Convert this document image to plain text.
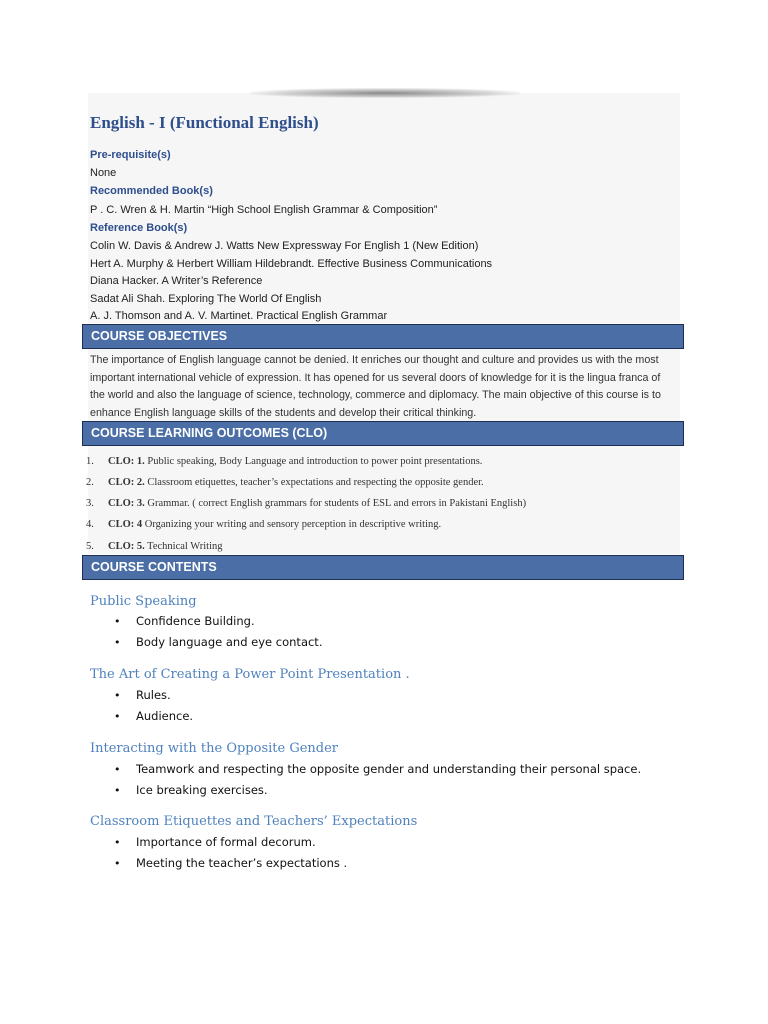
English - I (Functional English)

Pre-requisite(s)

None

Recommended Book(s)

P . C. Wren & H. Martin “High School English Grammar & Composition”

Reference Book(s)

Colin W. Davis & Andrew J. Watts New Expressway For English 1 (New Edition)

Hert A. Murphy & Herbert William Hildebrandt. Effective Business Communications

Diana Hacker. A Writer’s Reference

Sadat Ali Shah. Exploring The World Of English

A. J. Thomson and A. V. Martinet. Practical English Grammar

COURSE OBJECTIVES

The importance of English language cannot be denied. It enriches our thought and culture and provides us with the most important international vehicle of expression. It has opened for us several doors of knowledge for it is the lingua franca of the world and also the language of science, technology, commerce and diplomacy. The main objective of this course is to enhance English language skills of the students and develop their critical thinking.

COURSE LEARNING OUTCOMES (CLO)

1. CLO: 1. Public speaking, Body Language and introduction to power point presentations.

2. CLO: 2. Classroom etiquettes, teacher’s expectations and respecting the opposite gender.

3. CLO: 3. Grammar. ( correct English grammars for students of ESL and errors in Pakistani English)

4. CLO: 4 Organizing your writing and sensory perception in descriptive writing.

5. CLO: 5. Technical Writing

COURSE CONTENTS

Public Speaking

• Confidence Building.
• Body language and eye contact.

The Art of Creating a Power Point Presentation .

• Rules.
• Audience.

Interacting with the Opposite Gender

• Teamwork and respecting the opposite gender and understanding their personal space.
• Ice breaking exercises.

Classroom Etiquettes and Teachers’ Expectations

• Importance of formal decorum.
• Meeting the teacher’s expectations .
